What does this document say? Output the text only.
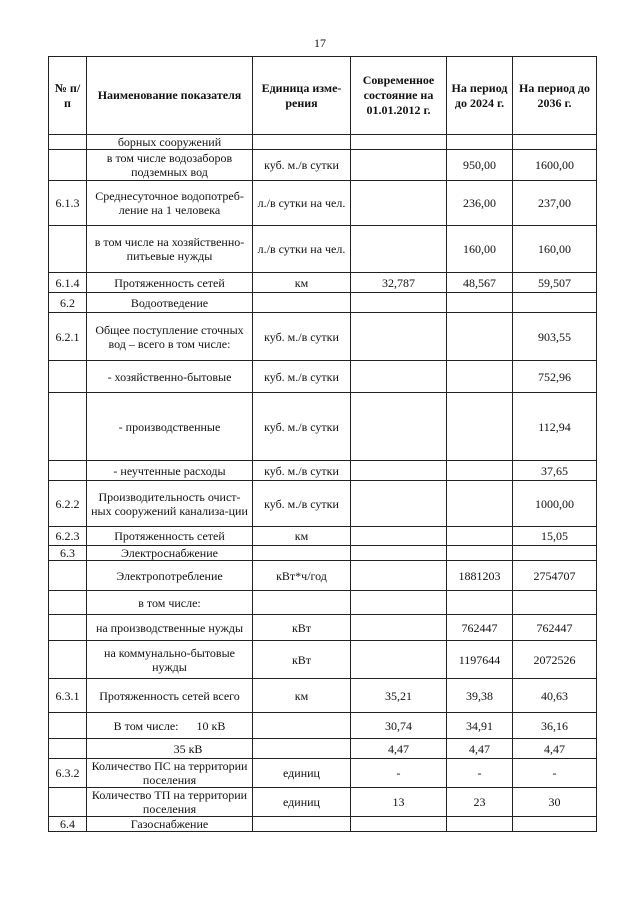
17
№ п/п	Наименование показателя	Единица изме-рения	Современное состояние на 01.01.2012 г.	На период до 2024 г.	На период до 2036 г.
	борных сооружений				
	в том числе водозаборов подземных вод	куб. м./в сутки		950,00	1600,00
6.1.3	Среднесуточное водопотреб-ление на 1 человека	л./в сутки на чел.		236,00	237,00
	в том числе на хозяйственно-питьевые нужды	л./в сутки на чел.		160,00	160,00
6.1.4	Протяженность сетей	км	32,787	48,567	59,507
6.2	Водоотведение				
6.2.1	Общее поступление сточных вод – всего в том числе:	куб. м./в сутки			903,55
	- хозяйственно-бытовые	куб. м./в сутки			752,96
	- производственные	куб. м./в сутки			112,94
	- неучтенные расходы	куб. м./в сутки			37,65
6.2.2	Производительность очист-ных сооружений канализа-ции	куб. м./в сутки			1000,00
6.2.3	Протяженность сетей	км			15,05
6.3	Электроснабжение				
	Электропотребление	кВт*ч/год		1881203	2754707
	в том числе:				
	на производственные нужды	кВт		762447	762447
	на коммунально-бытовые нужды	кВт		1197644	2072526
6.3.1	Протяженность сетей всего	км	35,21	39,38	40,63
	В том числе: 10 кВ		30,74	34,91	36,16
	35 кВ		4,47	4,47	4,47
6.3.2	Количество ПС на территории поселения	единиц	-	-	-
	Количество ТП на территории поселения	единиц	13	23	30
6.4	Газоснабжение				
